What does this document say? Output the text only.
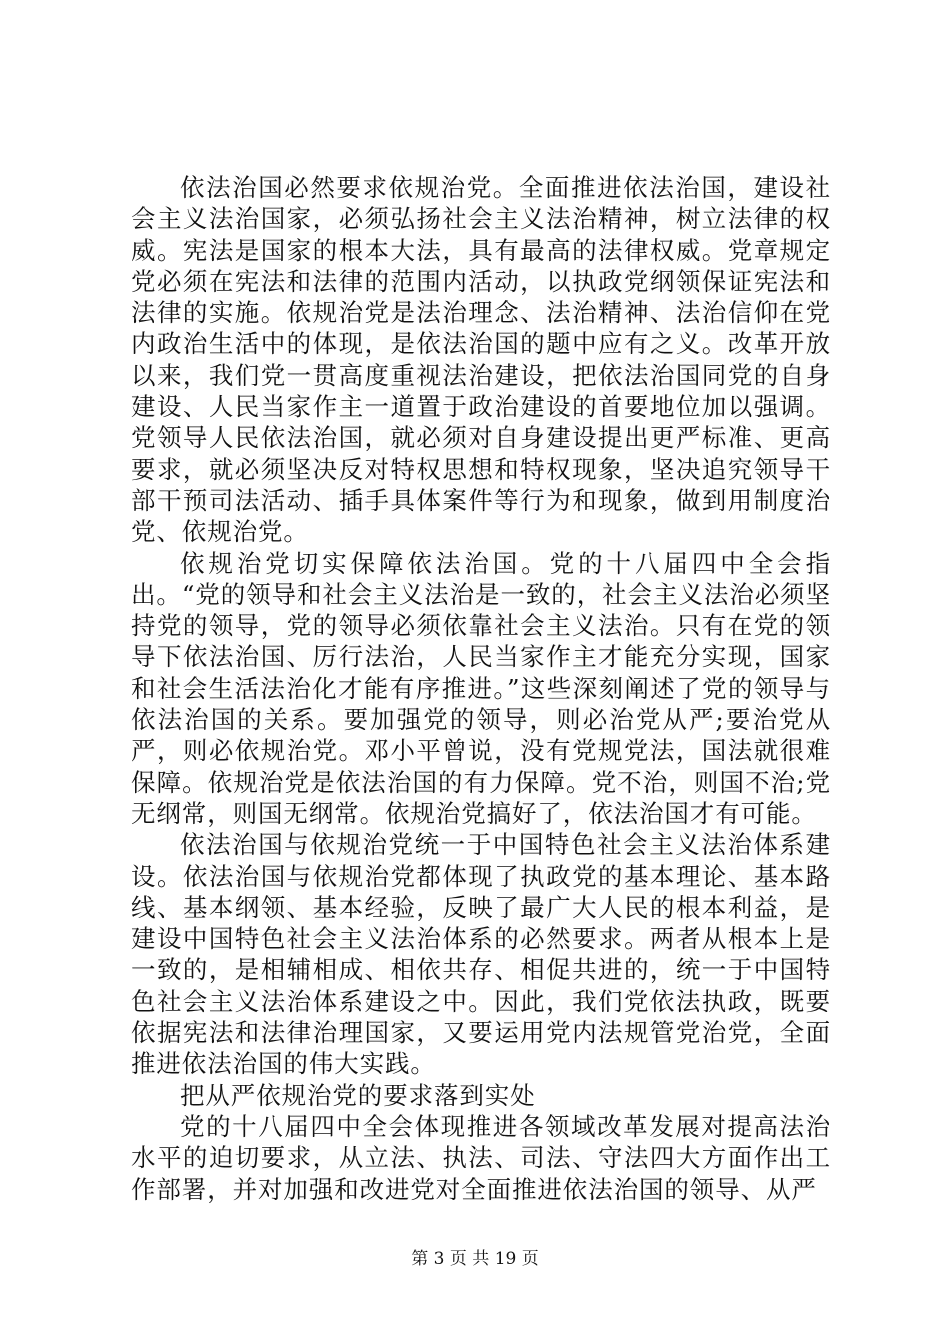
依法治国必然要求依规治党。全面推进依法治国，建设社会主义法治国家，必须弘扬社会主义法治精神，树立法律的权威。宪法是国家的根本大法，具有最高的法律权威。党章规定党必须在宪法和法律的范围内活动，以执政党纲领保证宪法和法律的实施。依规治党是法治理念、法治精神、法治信仰在党内政治生活中的体现，是依法治国的题中应有之义。改革开放以来，我们党一贯高度重视法治建设，把依法治国同党的自身建设、人民当家作主一道置于政治建设的首要地位加以强调。党领导人民依法治国，就必须对自身建设提出更严标准、更高要求，就必须坚决反对特权思想和特权现象，坚决追究领导干部干预司法活动、插手具体案件等行为和现象，做到用制度治党、依规治党。

依规治党切实保障依法治国。党的十八届四中全会指出。“党的领导和社会主义法治是一致的，社会主义法治必须坚持党的领导，党的领导必须依靠社会主义法治。只有在党的领导下依法治国、厉行法治，人民当家作主才能充分实现，国家和社会生活法治化才能有序推进。”这些深刻阐述了党的领导与依法治国的关系。要加强党的领导，则必治党从严;要治党从严，则必依规治党。邓小平曾说，没有党规党法，国法就很难保障。依规治党是依法治国的有力保障。党不治，则国不治;党无纲常，则国无纲常。依规治党搞好了，依法治国才有可能。

依法治国与依规治党统一于中国特色社会主义法治体系建设。依法治国与依规治党都体现了执政党的基本理论、基本路线、基本纲领、基本经验，反映了最广大人民的根本利益，是建设中国特色社会主义法治体系的必然要求。两者从根本上是一致的，是相辅相成、相依共存、相促共进的，统一于中国特色社会主义法治体系建设之中。因此，我们党依法执政，既要依据宪法和法律治理国家，又要运用党内法规管党治党，全面推进依法治国的伟大实践。

把从严依规治党的要求落到实处

党的十八届四中全会体现推进各领域改革发展对提高法治水平的迫切要求，从立法、执法、司法、守法四大方面作出工作部署，并对加强和改进党对全面推进依法治国的领导、从严

第 3 页 共 19 页
